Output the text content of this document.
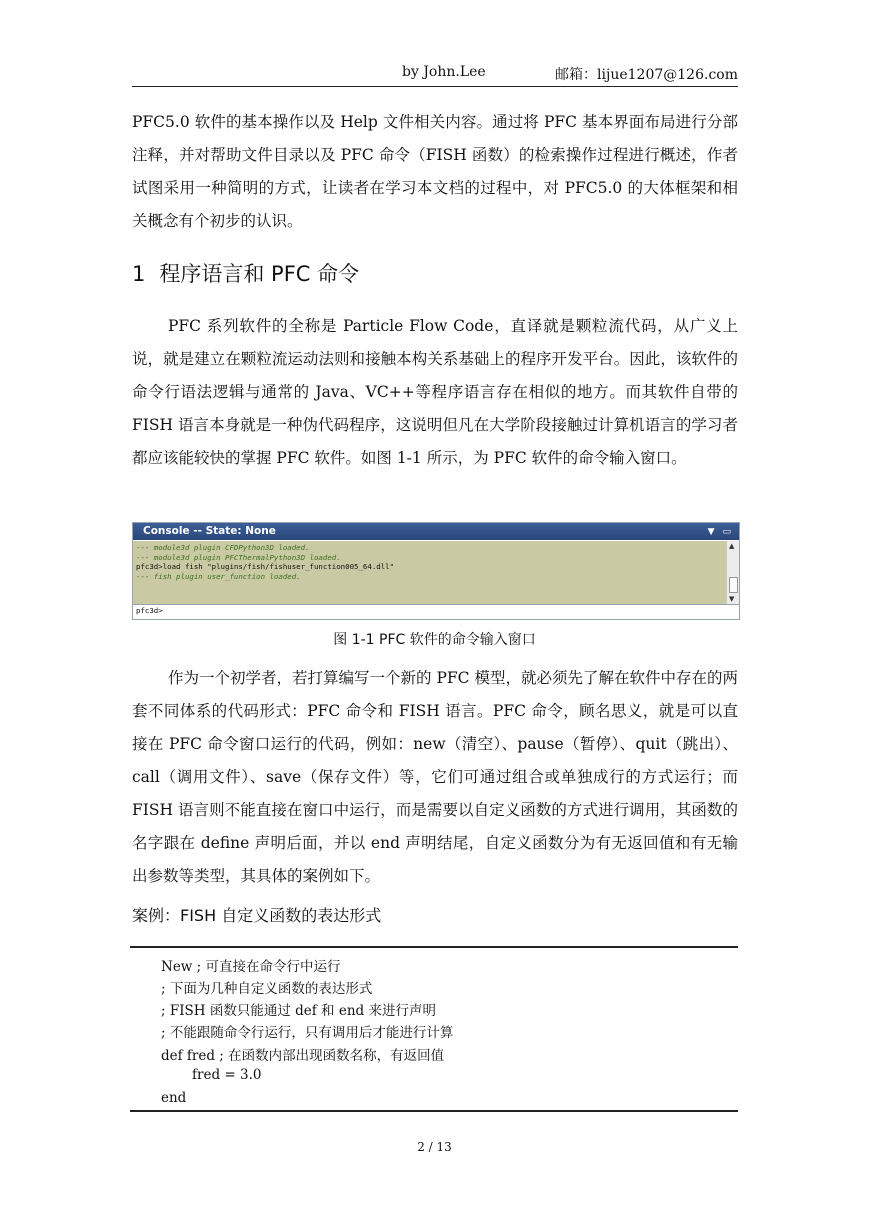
by John.Lee	邮箱：lijue1207@126.com

PFC5.0 软件的基本操作以及 Help 文件相关内容。通过将 PFC 基本界面布局进行分部注释，并对帮助文件目录以及 PFC 命令（FISH 函数）的检索操作过程进行概述，作者试图采用一种简明的方式，让读者在学习本文档的过程中，对 PFC5.0 的大体框架和相关概念有个初步的认识。

1 程序语言和 PFC 命令

PFC 系列软件的全称是 Particle Flow Code，直译就是颗粒流代码，从广义上说，就是建立在颗粒流运动法则和接触本构关系基础上的程序开发平台。因此，该软件的命令行语法逻辑与通常的 Java、VC++等程序语言存在相似的地方。而其软件自带的 FISH 语言本身就是一种伪代码程序，这说明但凡在大学阶段接触过计算机语言的学习者都应该能较快的掌握 PFC 软件。如图 1-1 所示，为 PFC 软件的命令输入窗口。

Console -- State: None	▼ ▭
--- module3d plugin CFDPython3D loaded.
--- module3d plugin PFCThermalPython3D loaded.
pfc3d>load fish "plugins/fish/fishuser_function005_64.dll"
--- fish plugin user_function loaded.
▲
▼
pfc3d>
图 1-1 PFC 软件的命令输入窗口

作为一个初学者，若打算编写一个新的 PFC 模型，就必须先了解在软件中存在的两套不同体系的代码形式：PFC 命令和 FISH 语言。PFC 命令，顾名思义，就是可以直接在 PFC 命令窗口运行的代码，例如：new（清空）、pause（暂停）、quit（跳出）、call（调用文件）、save（保存文件）等，它们可通过组合或单独成行的方式运行；而 FISH 语言则不能直接在窗口中运行，而是需要以自定义函数的方式进行调用，其函数的名字跟在 define 声明后面，并以 end 声明结尾，自定义函数分为有无返回值和有无输出参数等类型，其具体的案例如下。

案例：FISH 自定义函数的表达形式
New ; 可直接在命令行中运行
; 下面为几种自定义函数的表达形式
; FISH 函数只能通过 def 和 end 来进行声明
; 不能跟随命令行运行，只有调用后才能进行计算
def fred ; 在函数内部出现函数名称，有返回值
fred = 3.0
end
2 / 13
